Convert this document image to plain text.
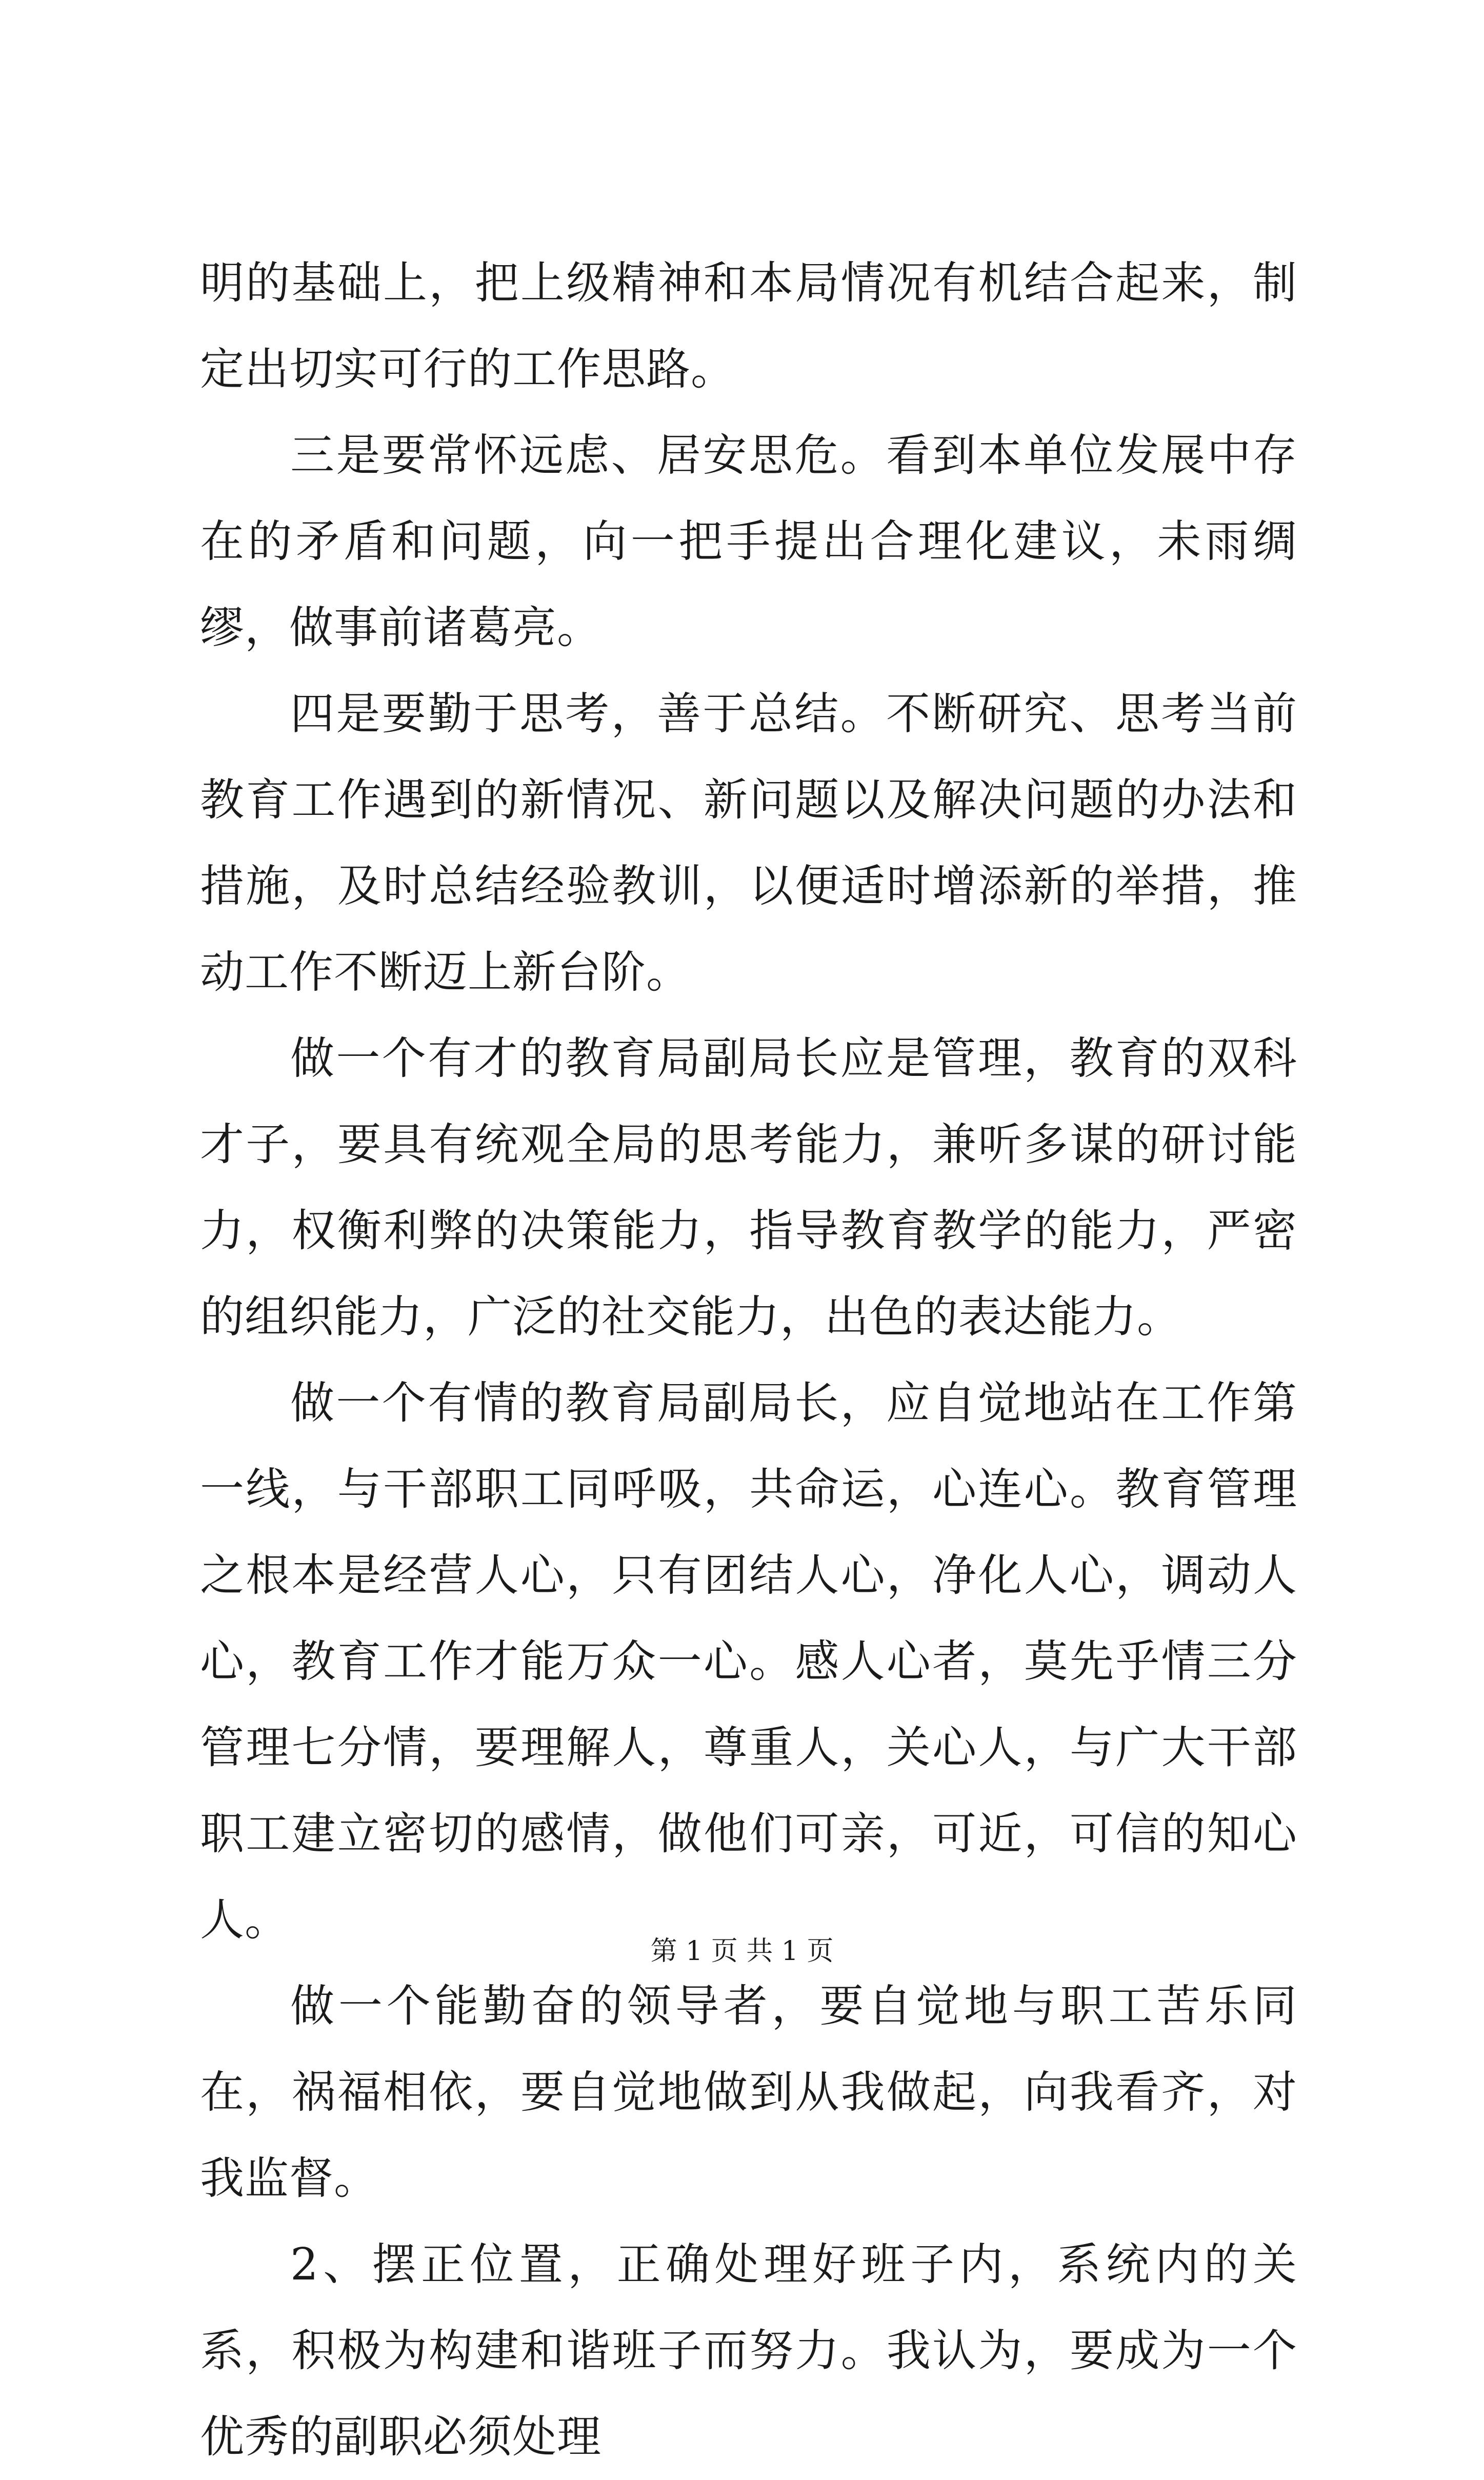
明的基础上，把上级精神和本局情况有机结合起来，制定出切实可行的工作思路。

三是要常怀远虑、居安思危。看到本单位发展中存在的矛盾和问题，向一把手提出合理化建议，未雨绸缪，做事前诸葛亮。

四是要勤于思考，善于总结。不断研究、思考当前教育工作遇到的新情况、新问题以及解决问题的办法和措施，及时总结经验教训，以便适时增添新的举措，推动工作不断迈上新台阶。

做一个有才的教育局副局长应是管理，教育的双科才子，要具有统观全局的思考能力，兼听多谋的研讨能力，权衡利弊的决策能力，指导教育教学的能力，严密的组织能力，广泛的社交能力，出色的表达能力。

做一个有情的教育局副局长，应自觉地站在工作第一线，与干部职工同呼吸，共命运，心连心。教育管理之根本是经营人心，只有团结人心，净化人心，调动人心，教育工作才能万众一心。感人心者，莫先乎情三分管理七分情，要理解人，尊重人，关心人，与广大干部职工建立密切的感情，做他们可亲，可近，可信的知心人。

做一个能勤奋的领导者，要自觉地与职工苦乐同在，祸福相依，要自觉地做到从我做起，向我看齐，对我监督。

2、摆正位置，正确处理好班子内，系统内的关系，积极为构建和谐班子而努力。我认为，要成为一个优秀的副职必须处理

第 1 页 共 1 页
